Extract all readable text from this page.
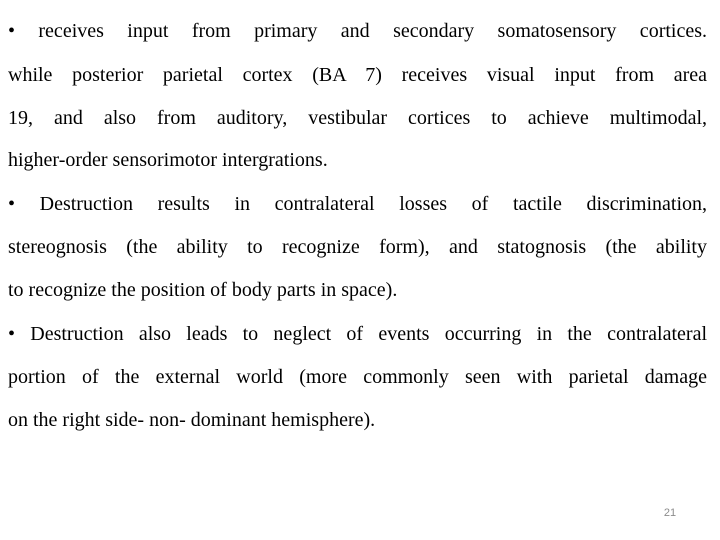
• receives input from primary and secondary somatosensory cortices.
while posterior parietal cortex (BA 7) receives visual input from area
19, and also from auditory, vestibular cortices to achieve multimodal,
higher-order sensorimotor intergrations.
• Destruction results in contralateral losses of tactile discrimination,
stereognosis (the ability to recognize form), and statognosis (the ability
to recognize the position of body parts in space).
• Destruction also leads to neglect of events occurring in the contralateral
portion of the external world (more commonly seen with parietal damage
on the right side- non- dominant hemisphere).
21
